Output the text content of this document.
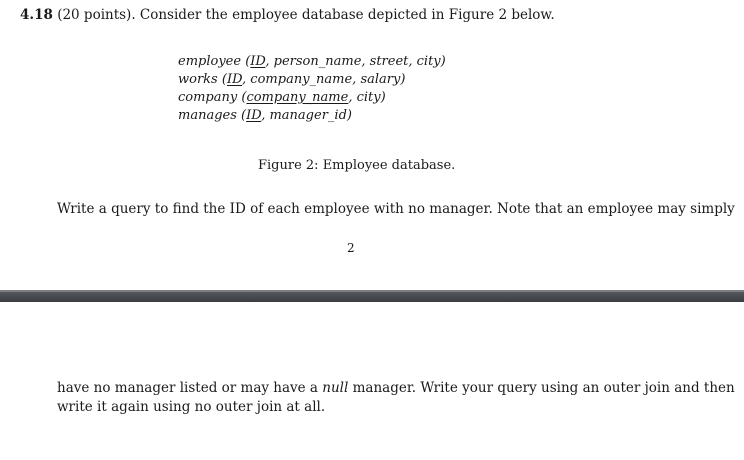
4.18 (20 points). Consider the employee database depicted in Figure 2 below.
employee (ID, person_name, street, city)
works (ID, company_name, salary)
company (company_name, city)
manages (ID, manager_id)
Figure 2: Employee database.
Write a query to find the ID of each employee with no manager. Note that an employee may simply
2
have no manager listed or may have a null manager. Write your query using an outer join and then
write it again using no outer join at all.
